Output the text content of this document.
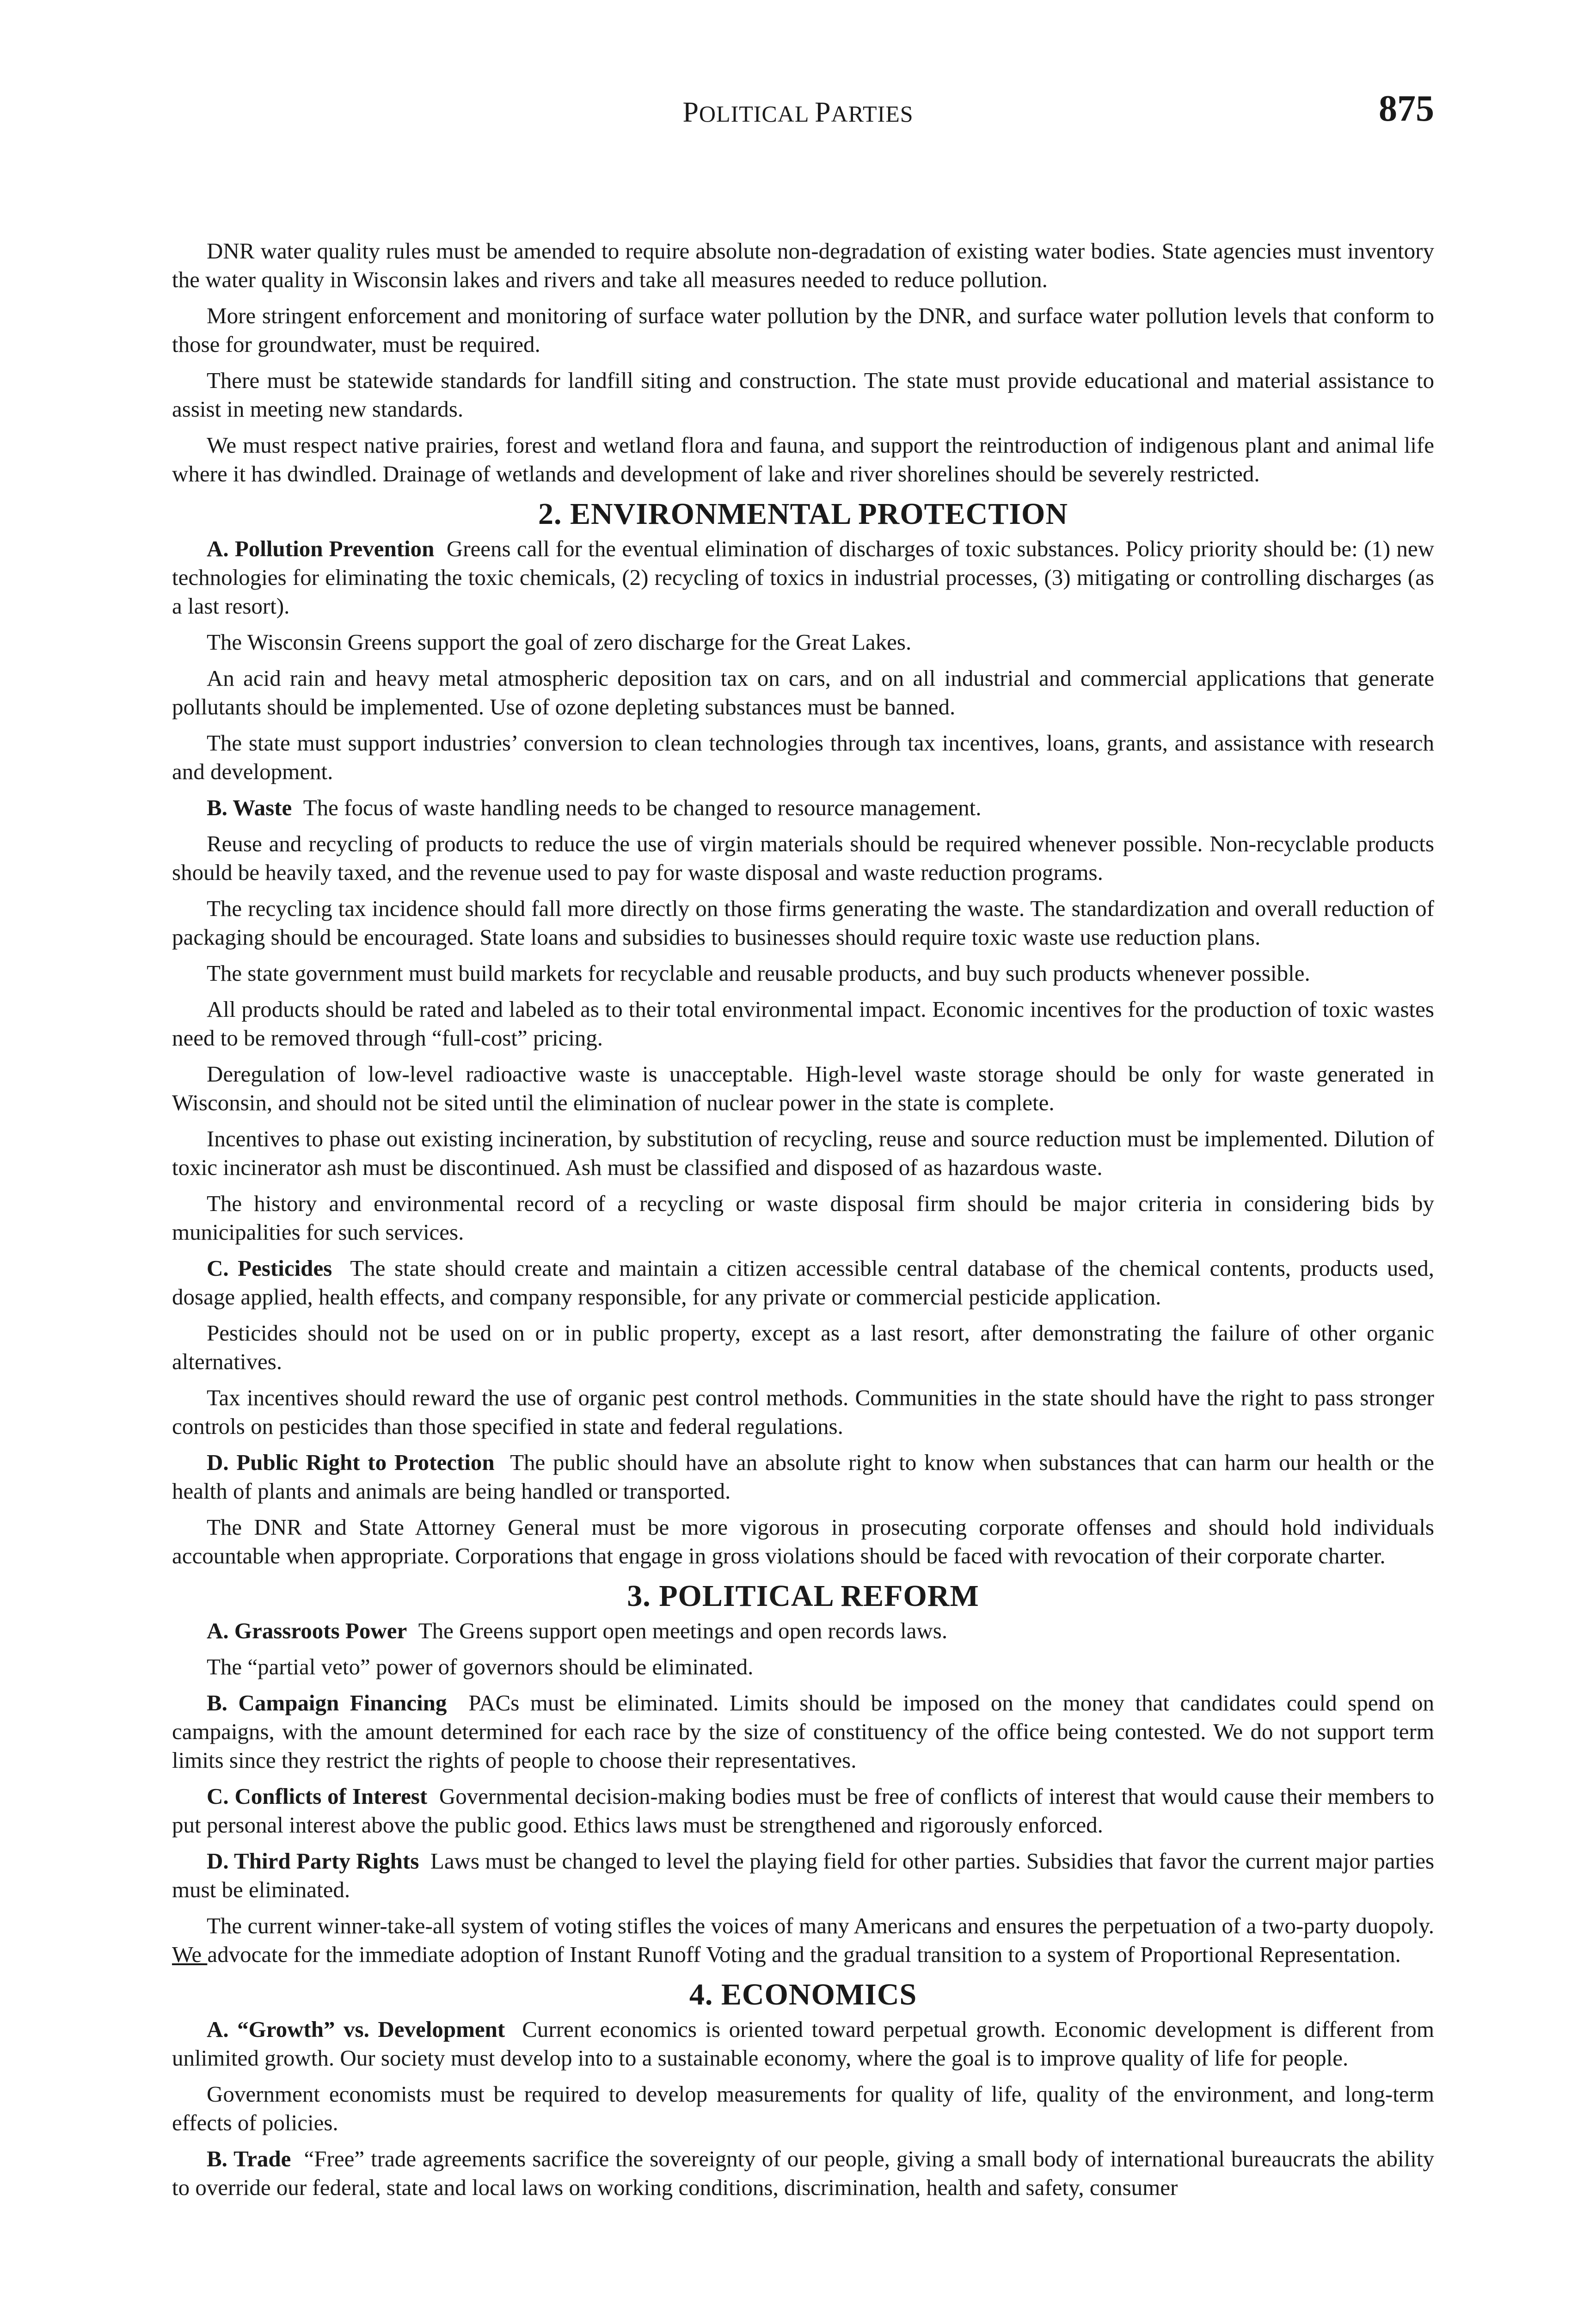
POLITICAL PARTIES	875

DNR water quality rules must be amended to require absolute non-degradation of existing water bodies. State agencies must inventory the water quality in Wisconsin lakes and rivers and take all measures needed to reduce pollution.

More stringent enforcement and monitoring of surface water pollution by the DNR, and surface water pollution levels that conform to those for groundwater, must be required.

There must be statewide standards for landfill siting and construction. The state must provide educational and material assistance to assist in meeting new standards.

We must respect native prairies, forest and wetland flora and fauna, and support the reintroduction of indigenous plant and animal life where it has dwindled. Drainage of wetlands and development of lake and river shorelines should be severely restricted.

2. ENVIRONMENTAL PROTECTION

A. Pollution Prevention Greens call for the eventual elimination of discharges of toxic substances. Policy priority should be: (1) new technologies for eliminating the toxic chemicals, (2) recycling of toxics in industrial processes, (3) mitigating or controlling discharges (as a last resort).

The Wisconsin Greens support the goal of zero discharge for the Great Lakes.

An acid rain and heavy metal atmospheric deposition tax on cars, and on all industrial and commercial applications that generate pollutants should be implemented. Use of ozone depleting substances must be banned.

The state must support industries’ conversion to clean technologies through tax incentives, loans, grants, and assistance with research and development.

B. Waste The focus of waste handling needs to be changed to resource management.

Reuse and recycling of products to reduce the use of virgin materials should be required whenever possible. Non-recyclable products should be heavily taxed, and the revenue used to pay for waste disposal and waste reduction programs.

The recycling tax incidence should fall more directly on those firms generating the waste. The standardization and overall reduction of packaging should be encouraged. State loans and subsidies to businesses should require toxic waste use reduction plans.

The state government must build markets for recyclable and reusable products, and buy such products whenever possible.

All products should be rated and labeled as to their total environmental impact. Economic incentives for the production of toxic wastes need to be removed through “full-cost” pricing.

Deregulation of low-level radioactive waste is unacceptable. High-level waste storage should be only for waste generated in Wisconsin, and should not be sited until the elimination of nuclear power in the state is complete.

Incentives to phase out existing incineration, by substitution of recycling, reuse and source reduction must be implemented. Dilution of toxic incinerator ash must be discontinued. Ash must be classified and disposed of as hazardous waste.

The history and environmental record of a recycling or waste disposal firm should be major criteria in considering bids by municipalities for such services.

C. Pesticides The state should create and maintain a citizen accessible central database of the chemical contents, products used, dosage applied, health effects, and company responsible, for any private or commercial pesticide application.

Pesticides should not be used on or in public property, except as a last resort, after demonstrating the failure of other organic alternatives.

Tax incentives should reward the use of organic pest control methods. Communities in the state should have the right to pass stronger controls on pesticides than those specified in state and federal regulations.

D. Public Right to Protection The public should have an absolute right to know when substances that can harm our health or the health of plants and animals are being handled or transported.

The DNR and State Attorney General must be more vigorous in prosecuting corporate offenses and should hold individuals accountable when appropriate. Corporations that engage in gross violations should be faced with revocation of their corporate charter.

3. POLITICAL REFORM

A. Grassroots Power The Greens support open meetings and open records laws.

The “partial veto” power of governors should be eliminated.

B. Campaign Financing PACs must be eliminated. Limits should be imposed on the money that candidates could spend on campaigns, with the amount determined for each race by the size of constituency of the office being contested. We do not support term limits since they restrict the rights of people to choose their representatives.

C. Conflicts of Interest Governmental decision-making bodies must be free of conflicts of interest that would cause their members to put personal interest above the public good. Ethics laws must be strengthened and rigorously enforced.

D. Third Party Rights Laws must be changed to level the playing field for other parties. Subsidies that favor the current major parties must be eliminated.

The current winner-take-all system of voting stifles the voices of many Americans and ensures the perpetuation of a two-party duopoly. We advocate for the immediate adoption of Instant Runoff Voting and the gradual transition to a system of Proportional Representation.

4. ECONOMICS

A. “Growth” vs. Development Current economics is oriented toward perpetual growth. Economic development is different from unlimited growth. Our society must develop into to a sustainable economy, where the goal is to improve quality of life for people.

Government economists must be required to develop measurements for quality of life, quality of the environment, and long-term effects of policies.

B. Trade “Free” trade agreements sacrifice the sovereignty of our people, giving a small body of international bureaucrats the ability to override our federal, state and local laws on working conditions, discrimination, health and safety, consumer
